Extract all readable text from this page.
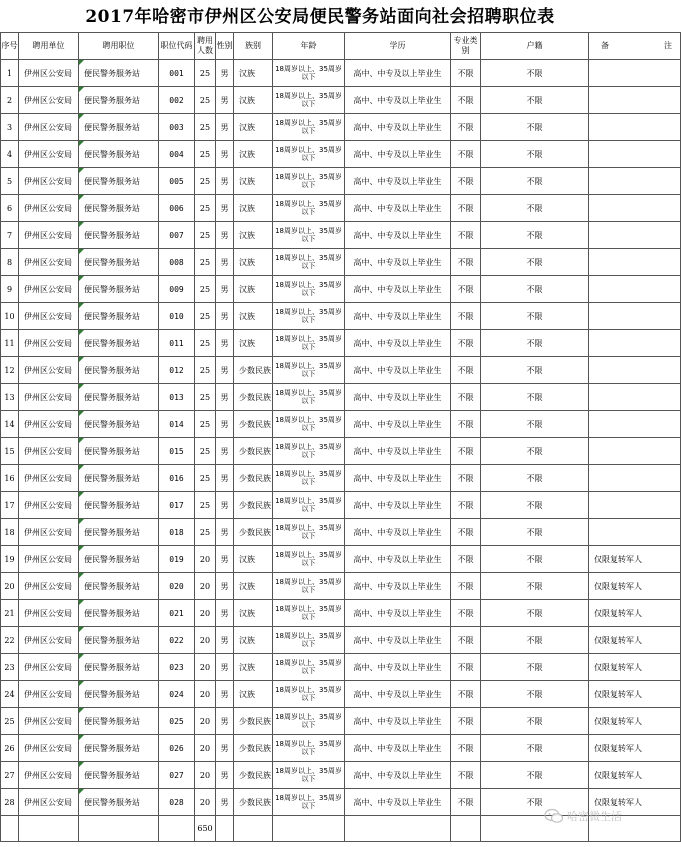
2017年哈密市伊州区公安局便民警务站面向社会招聘职位表
序号	聘用单位	聘用职位	职位代码	聘用人数	性别	族别	年龄	学历	专业类别	户籍	备 注

1	伊州区公安局	便民警务服务站	001	25	男	汉族	18周岁以上、35周岁以下	高中、中专及以上毕业生	不限	不限	
2	伊州区公安局	便民警务服务站	002	25	男	汉族	18周岁以上、35周岁以下	高中、中专及以上毕业生	不限	不限	
3	伊州区公安局	便民警务服务站	003	25	男	汉族	18周岁以上、35周岁以下	高中、中专及以上毕业生	不限	不限	
4	伊州区公安局	便民警务服务站	004	25	男	汉族	18周岁以上、35周岁以下	高中、中专及以上毕业生	不限	不限	
5	伊州区公安局	便民警务服务站	005	25	男	汉族	18周岁以上、35周岁以下	高中、中专及以上毕业生	不限	不限	
6	伊州区公安局	便民警务服务站	006	25	男	汉族	18周岁以上、35周岁以下	高中、中专及以上毕业生	不限	不限	
7	伊州区公安局	便民警务服务站	007	25	男	汉族	18周岁以上、35周岁以下	高中、中专及以上毕业生	不限	不限	
8	伊州区公安局	便民警务服务站	008	25	男	汉族	18周岁以上、35周岁以下	高中、中专及以上毕业生	不限	不限	
9	伊州区公安局	便民警务服务站	009	25	男	汉族	18周岁以上、35周岁以下	高中、中专及以上毕业生	不限	不限	
10	伊州区公安局	便民警务服务站	010	25	男	汉族	18周岁以上、35周岁以下	高中、中专及以上毕业生	不限	不限	
11	伊州区公安局	便民警务服务站	011	25	男	汉族	18周岁以上、35周岁以下	高中、中专及以上毕业生	不限	不限	
12	伊州区公安局	便民警务服务站	012	25	男	少数民族	18周岁以上、35周岁以下	高中、中专及以上毕业生	不限	不限	
13	伊州区公安局	便民警务服务站	013	25	男	少数民族	18周岁以上、35周岁以下	高中、中专及以上毕业生	不限	不限	
14	伊州区公安局	便民警务服务站	014	25	男	少数民族	18周岁以上、35周岁以下	高中、中专及以上毕业生	不限	不限	
15	伊州区公安局	便民警务服务站	015	25	男	少数民族	18周岁以上、35周岁以下	高中、中专及以上毕业生	不限	不限	
16	伊州区公安局	便民警务服务站	016	25	男	少数民族	18周岁以上、35周岁以下	高中、中专及以上毕业生	不限	不限	
17	伊州区公安局	便民警务服务站	017	25	男	少数民族	18周岁以上、35周岁以下	高中、中专及以上毕业生	不限	不限	
18	伊州区公安局	便民警务服务站	018	25	男	少数民族	18周岁以上、35周岁以下	高中、中专及以上毕业生	不限	不限	
19	伊州区公安局	便民警务服务站	019	20	男	汉族	18周岁以上、35周岁以下	高中、中专及以上毕业生	不限	不限	仅限复转军人
20	伊州区公安局	便民警务服务站	020	20	男	汉族	18周岁以上、35周岁以下	高中、中专及以上毕业生	不限	不限	仅限复转军人
21	伊州区公安局	便民警务服务站	021	20	男	汉族	18周岁以上、35周岁以下	高中、中专及以上毕业生	不限	不限	仅限复转军人
22	伊州区公安局	便民警务服务站	022	20	男	汉族	18周岁以上、35周岁以下	高中、中专及以上毕业生	不限	不限	仅限复转军人
23	伊州区公安局	便民警务服务站	023	20	男	汉族	18周岁以上、35周岁以下	高中、中专及以上毕业生	不限	不限	仅限复转军人
24	伊州区公安局	便民警务服务站	024	20	男	汉族	18周岁以上、35周岁以下	高中、中专及以上毕业生	不限	不限	仅限复转军人
25	伊州区公安局	便民警务服务站	025	20	男	少数民族	18周岁以上、35周岁以下	高中、中专及以上毕业生	不限	不限	仅限复转军人
26	伊州区公安局	便民警务服务站	026	20	男	少数民族	18周岁以上、35周岁以下	高中、中专及以上毕业生	不限	不限	仅限复转军人
27	伊州区公安局	便民警务服务站	027	20	男	少数民族	18周岁以上、35周岁以下	高中、中专及以上毕业生	不限	不限	仅限复转军人
28	伊州区公安局	便民警务服务站	028	20	男	少数民族	18周岁以上、35周岁以下	高中、中专及以上毕业生	不限	不限	仅限复转军人
				650							
哈密微生活
